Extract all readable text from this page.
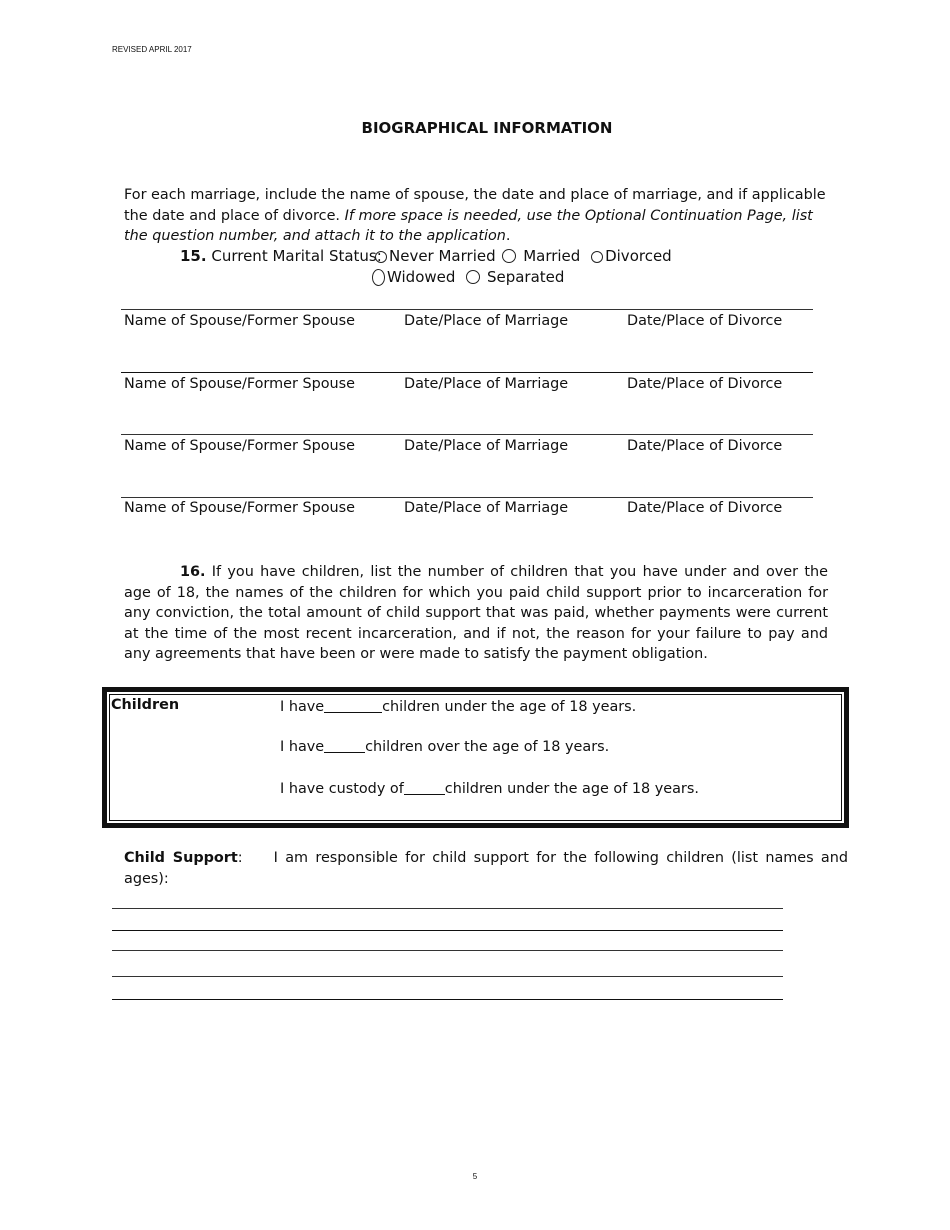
REVISED APRIL 2017
BIOGRAPHICAL INFORMATION
For each marriage, include the name of spouse, the date and place of marriage, and if applicable the date and place of divorce. If more space is needed, use the Optional Continuation Page, list the question number, and attach it to the application.
15. Current Marital Status: Never Married Married Divorced
Widowed Separated
Name of Spouse/Former Spouse	Date/Place of Marriage	Date/Place of Divorce
Name of Spouse/Former Spouse	Date/Place of Marriage	Date/Place of Divorce
Name of Spouse/Former Spouse	Date/Place of Marriage	Date/Place of Divorce
Name of Spouse/Former Spouse	Date/Place of Marriage	Date/Place of Divorce
16. If you have children, list the number of children that you have under and over the age of 18, the names of the children for which you paid child support prior to incarceration for any conviction, the total amount of child support that was paid, whether payments were current at the time of the most recent incarceration, and if not, the reason for your failure to pay and any agreements that have been or were made to satisfy the payment obligation.
Children	I have	children under the age of 18 years.
I have	children over the age of 18 years.
I have custody of	children under the age of 18 years.
Child Support: I am responsible for child support for the following children (list names and ages):
5
